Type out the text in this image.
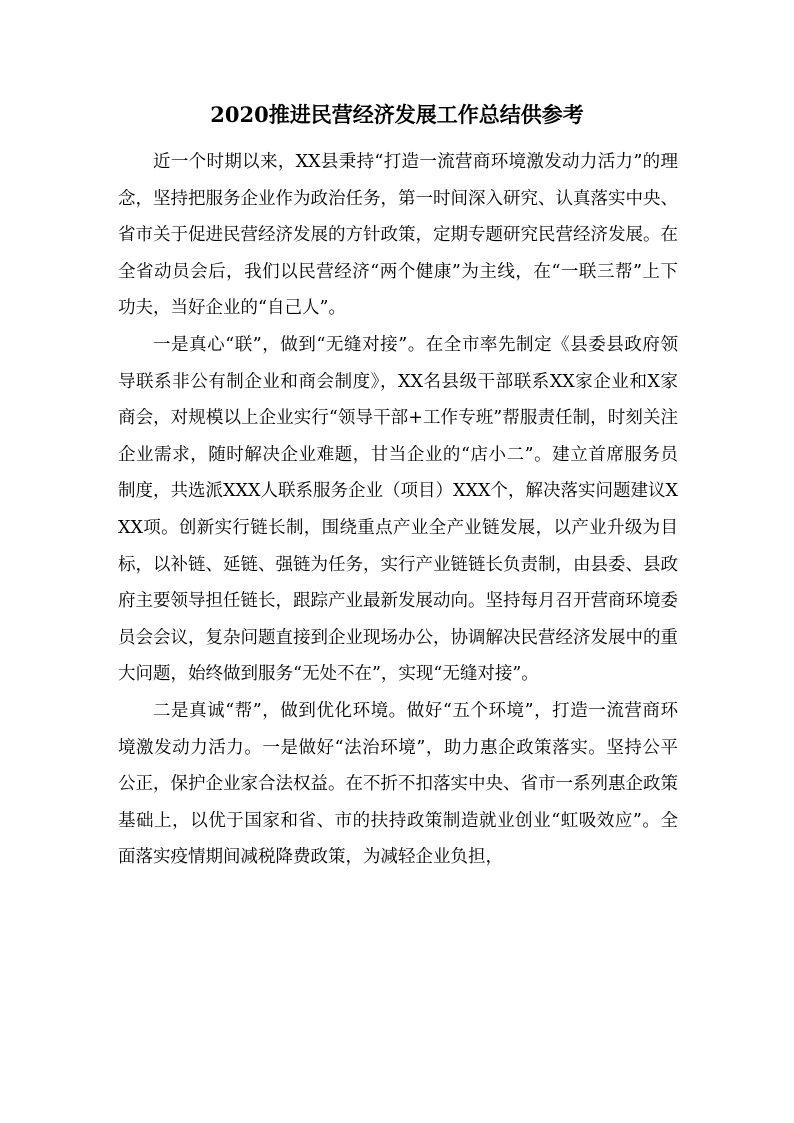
2020推进民营经济发展工作总结供参考

近一个时期以来，XX县秉持“打造一流营商环境激发动力活力”的理念，坚持把服务企业作为政治任务，第一时间深入研究、认真落实中央、省市关于促进民营经济发展的方针政策，定期专题研究民营经济发展。在全省动员会后，我们以民营经济“两个健康”为主线，在“一联三帮”上下功夫，当好企业的“自己人”。

一是真心“联”，做到“无缝对接”。在全市率先制定《县委县政府领导联系非公有制企业和商会制度》，XX名县级干部联系XX家企业和X家商会，对规模以上企业实行“领导干部+工作专班”帮服责任制，时刻关注企业需求，随时解决企业难题，甘当企业的“店小二”。建立首席服务员制度，共选派XXX人联系服务企业（项目）XXX个，解决落实问题建议XXX项。创新实行链长制，围绕重点产业全产业链发展，以产业升级为目标，以补链、延链、强链为任务，实行产业链链长负责制，由县委、县政府主要领导担任链长，跟踪产业最新发展动向。坚持每月召开营商环境委员会会议，复杂问题直接到企业现场办公，协调解决民营经济发展中的重大问题，始终做到服务“无处不在”，实现“无缝对接”。

二是真诚“帮”，做到优化环境。做好“五个环境”，打造一流营商环境激发动力活力。一是做好“法治环境”，助力惠企政策落实。坚持公平公正，保护企业家合法权益。在不折不扣落实中央、省市一系列惠企政策基础上，以优于国家和省、市的扶持政策制造就业创业“虹吸效应”。全面落实疫情期间减税降费政策，为减轻企业负担，
